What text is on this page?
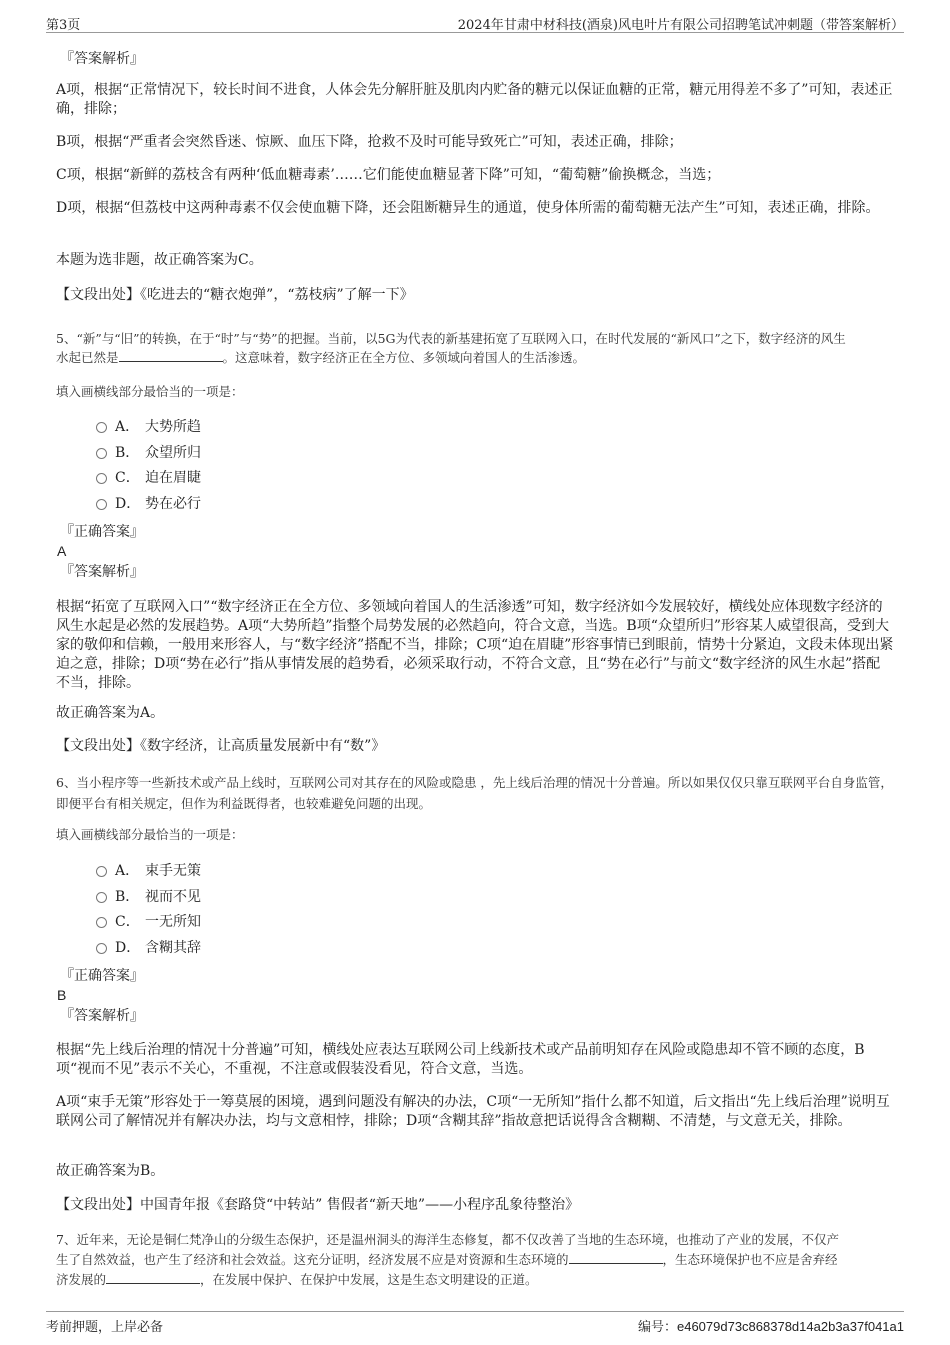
第3页	2024年甘肃中材科技(酒泉)风电叶片有限公司招聘笔试冲刺题（带答案解析）
『答案解析』

A项，根据“正常情况下，较长时间不进食，人体会先分解肝脏及肌肉内贮备的糖元以保证血糖的正常，糖元用得差不多了”可知，表述正确，排除；

B项，根据“严重者会突然昏迷、惊厥、血压下降，抢救不及时可能导致死亡”可知，表述正确，排除；

C项，根据“新鲜的荔枝含有两种‘低血糖毒素’……它们能使血糖显著下降”可知，“葡萄糖”偷换概念，当选；

D项，根据“但荔枝中这两种毒素不仅会使血糖下降，还会阻断糖异生的通道，使身体所需的葡萄糖无法产生”可知，表述正确，排除。

本题为选非题，故正确答案为C。

【文段出处】《吃进去的“糖衣炮弹”，“荔枝病”了解一下》

5、“新”与“旧”的转换，在于“时”与“势”的把握。当前，以5G为代表的新基建拓宽了互联网入口，在时代发展的“新风口”之下，数字经济的风生

水起已然是	。这意味着，数字经济正在全方位、多领域向着国人的生活渗透。

填入画横线部分最恰当的一项是：

A． 大势所趋
B． 众望所归
C． 迫在眉睫
D． 势在必行
『正确答案』
A
『答案解析』

根据“拓宽了互联网入口”“数字经济正在全方位、多领域向着国人的生活渗透”可知，数字经济如今发展较好，横线处应体现数字经济的风生水起是必然的发展趋势。A项“大势所趋”指整个局势发展的必然趋向，符合文意，当选。B项“众望所归”形容某人威望很高，受到大家的敬仰和信赖，一般用来形容人，与“数字经济”搭配不当，排除；C项“迫在眉睫”形容事情已到眼前，情势十分紧迫，文段未体现出紧迫之意，排除；D项“势在必行”指从事情发展的趋势看，必须采取行动，不符合文意，且“势在必行”与前文“数字经济的风生水起”搭配不当，排除。

故正确答案为A。

【文段出处】《数字经济，让高质量发展新中有“数”》

6、当小程序等一些新技术或产品上线时，互联网公司对其存在的风险或隐患 ，先上线后治理的情况十分普遍。所以如果仅仅只靠互联网平台自身监管，即便平台有相关规定，但作为利益既得者，也较难避免问题的出现。

填入画横线部分最恰当的一项是：

A． 束手无策
B． 视而不见
C． 一无所知
D． 含糊其辞
『正确答案』
B
『答案解析』

根据“先上线后治理的情况十分普遍”可知，横线处应表达互联网公司上线新技术或产品前明知存在风险或隐患却不管不顾的态度，B项“视而不见”表示不关心，不重视，不注意或假装没看见，符合文意，当选。

A项“束手无策”形容处于一筹莫展的困境，遇到问题没有解决的办法，C项“一无所知”指什么都不知道，后文指出“先上线后治理”说明互联网公司了解情况并有解决办法，均与文意相悖，排除；D项“含糊其辞”指故意把话说得含含糊糊、不清楚，与文意无关，排除。

故正确答案为B。

【文段出处】中国青年报《套路贷“中转站” 售假者“新天地”——小程序乱象待整治》

7、近年来，无论是铜仁梵净山的分级生态保护，还是温州洞头的海洋生态修复，都不仅改善了当地的生态环境，也推动了产业的发展，不仅产

生了自然效益，也产生了经济和社会效益。这充分证明，经济发展不应是对资源和生态环境的	，生态环境保护也不应是舍弃经

济发展的	，在发展中保护、在保护中发展，这是生态文明建设的正道。

考前押题，上岸必备	编号：e46079d73c868378d14a2b3a37f041a1
